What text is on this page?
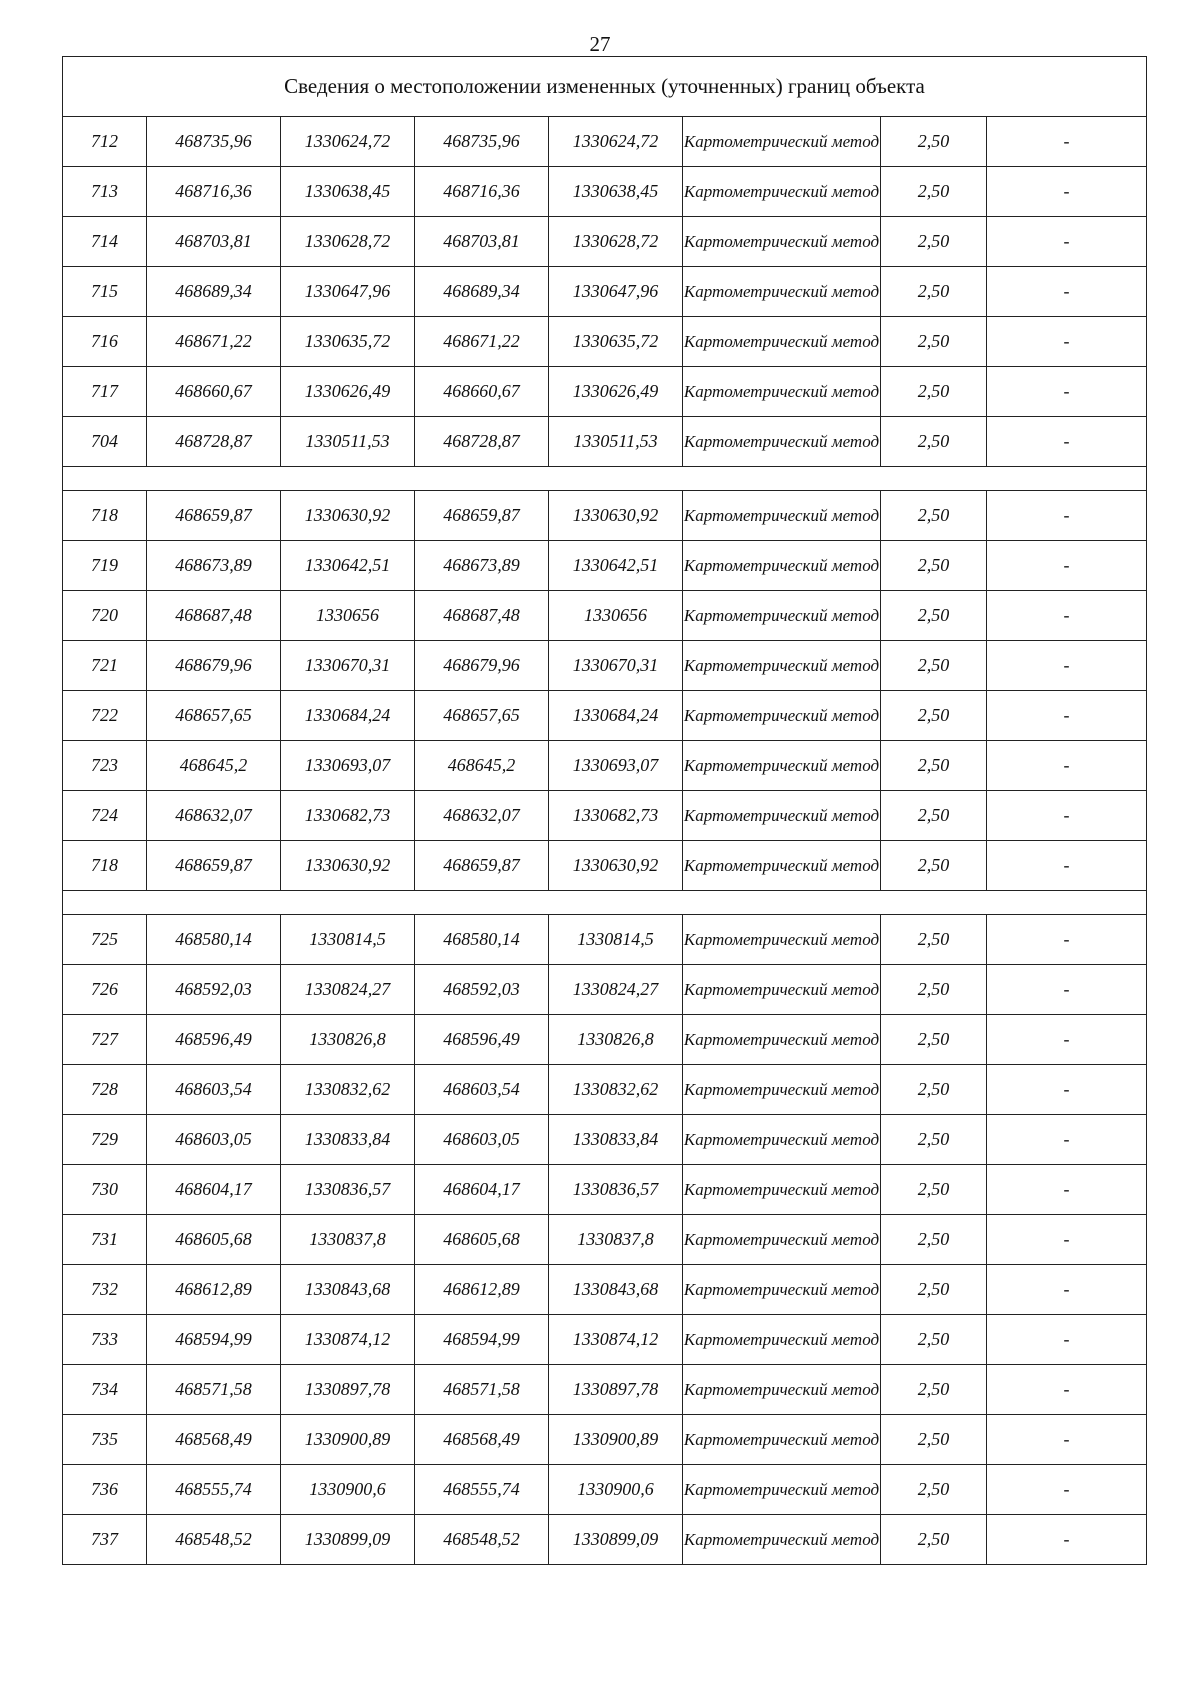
27
Сведения о местоположении измененных (уточненных) границ объекта							
712	468735,96	1330624,72	468735,96	1330624,72	Картометрический метод	2,50	-
713	468716,36	1330638,45	468716,36	1330638,45	Картометрический метод	2,50	-
714	468703,81	1330628,72	468703,81	1330628,72	Картометрический метод	2,50	-
715	468689,34	1330647,96	468689,34	1330647,96	Картометрический метод	2,50	-
716	468671,22	1330635,72	468671,22	1330635,72	Картометрический метод	2,50	-
717	468660,67	1330626,49	468660,67	1330626,49	Картометрический метод	2,50	-
704	468728,87	1330511,53	468728,87	1330511,53	Картометрический метод	2,50	-

718	468659,87	1330630,92	468659,87	1330630,92	Картометрический метод	2,50	-
719	468673,89	1330642,51	468673,89	1330642,51	Картометрический метод	2,50	-
720	468687,48	1330656	468687,48	1330656	Картометрический метод	2,50	-
721	468679,96	1330670,31	468679,96	1330670,31	Картометрический метод	2,50	-
722	468657,65	1330684,24	468657,65	1330684,24	Картометрический метод	2,50	-
723	468645,2	1330693,07	468645,2	1330693,07	Картометрический метод	2,50	-
724	468632,07	1330682,73	468632,07	1330682,73	Картометрический метод	2,50	-
718	468659,87	1330630,92	468659,87	1330630,92	Картометрический метод	2,50	-

725	468580,14	1330814,5	468580,14	1330814,5	Картометрический метод	2,50	-
726	468592,03	1330824,27	468592,03	1330824,27	Картометрический метод	2,50	-
727	468596,49	1330826,8	468596,49	1330826,8	Картометрический метод	2,50	-
728	468603,54	1330832,62	468603,54	1330832,62	Картометрический метод	2,50	-
729	468603,05	1330833,84	468603,05	1330833,84	Картометрический метод	2,50	-
730	468604,17	1330836,57	468604,17	1330836,57	Картометрический метод	2,50	-
731	468605,68	1330837,8	468605,68	1330837,8	Картометрический метод	2,50	-
732	468612,89	1330843,68	468612,89	1330843,68	Картометрический метод	2,50	-
733	468594,99	1330874,12	468594,99	1330874,12	Картометрический метод	2,50	-
734	468571,58	1330897,78	468571,58	1330897,78	Картометрический метод	2,50	-
735	468568,49	1330900,89	468568,49	1330900,89	Картометрический метод	2,50	-
736	468555,74	1330900,6	468555,74	1330900,6	Картометрический метод	2,50	-
737	468548,52	1330899,09	468548,52	1330899,09	Картометрический метод	2,50	-
